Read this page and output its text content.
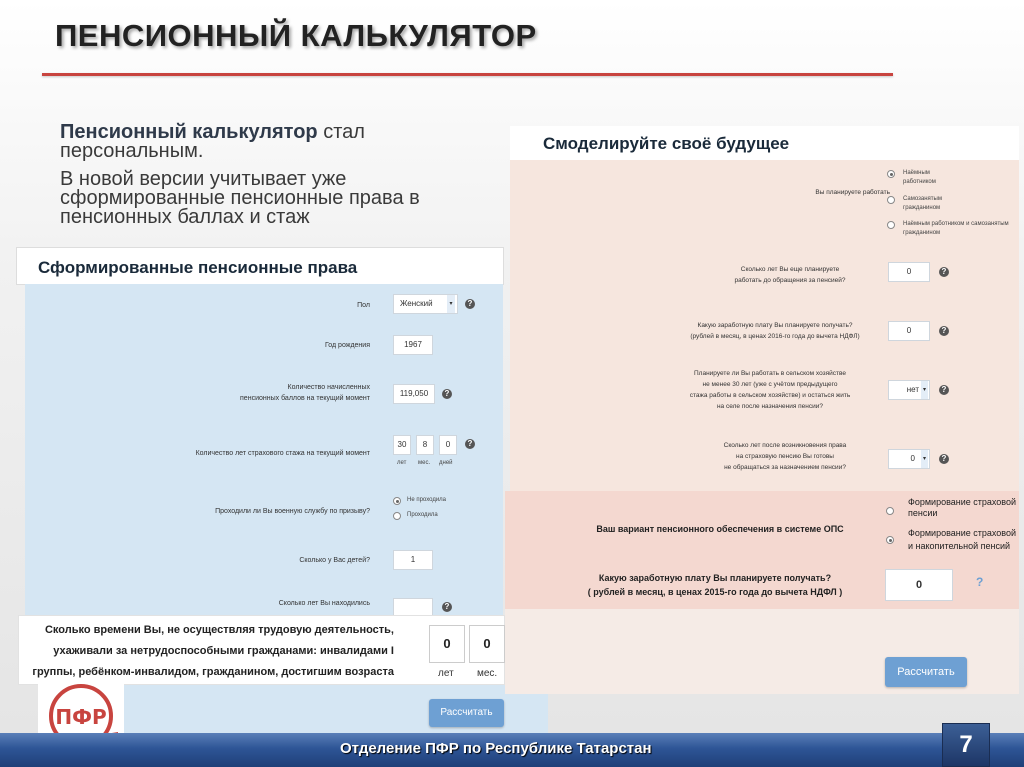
ПЕНСИОННЫЙ КАЛЬКУЛЯТОР

Пенсионный калькулятор стал персональным.

В новой версии учитывает уже сформированные пенсионные права в пенсионных баллах и стаж

Сформированные пенсионные права
Пол	Женский	▾	?
Год рождения	1967
Количество начисленных
пенсионных баллов на текущий момент
119,050	?
Количество лет страхового стажа на текущий момент
30	8	0	?
лет мес. дней
Проходили ли Вы военную службу по призыву?
Не проходила
Проходила
Сколько у Вас детей?	1
Сколько лет Вы находились	?
Сколько времени Вы, не осуществляя трудовую деятельность, ухаживали за нетрудоспособными гражданами: инвалидами I группы, ребёнком-инвалидом, гражданином, достигшим возраста
0	0
лет мес.
Рассчитать
Смоделируйте своё будущее
Вы планируете работать
Наёмным работником
Самозанятым гражданином
Наёмным работником и самозанятым гражданином
Сколько лет Вы еще планируете
работать до обращения за пенсией?
0	?
Какую заработную плату Вы планируете получать?
(рублей в месяц, в ценах 2016-го года до вычета НДФЛ)
0	?
Планируете ли Вы работать в сельском хозяйстве
не менее 30 лет (уже с учётом предыдущего
стажа работы в сельском хозяйстве) и остаться жить
на селе после назначения пенсии?
нет ▾	?
Сколько лет после возникновения права
на страховую пенсию Вы готовы
не обращаться за назначением пенсии?
0	▾	?
Ваш вариант пенсионного обеспечения в системе ОПС
Формирование страховой пенсии
Формирование страховой и накопительной пенсий
Какую заработную плату Вы планируете получать?
( рублей в месяц, в ценах 2015-го года до вычета НДФЛ )
0	?
Рассчитать
ПФР
Отделение ПФР по Республике Татарстан	7
